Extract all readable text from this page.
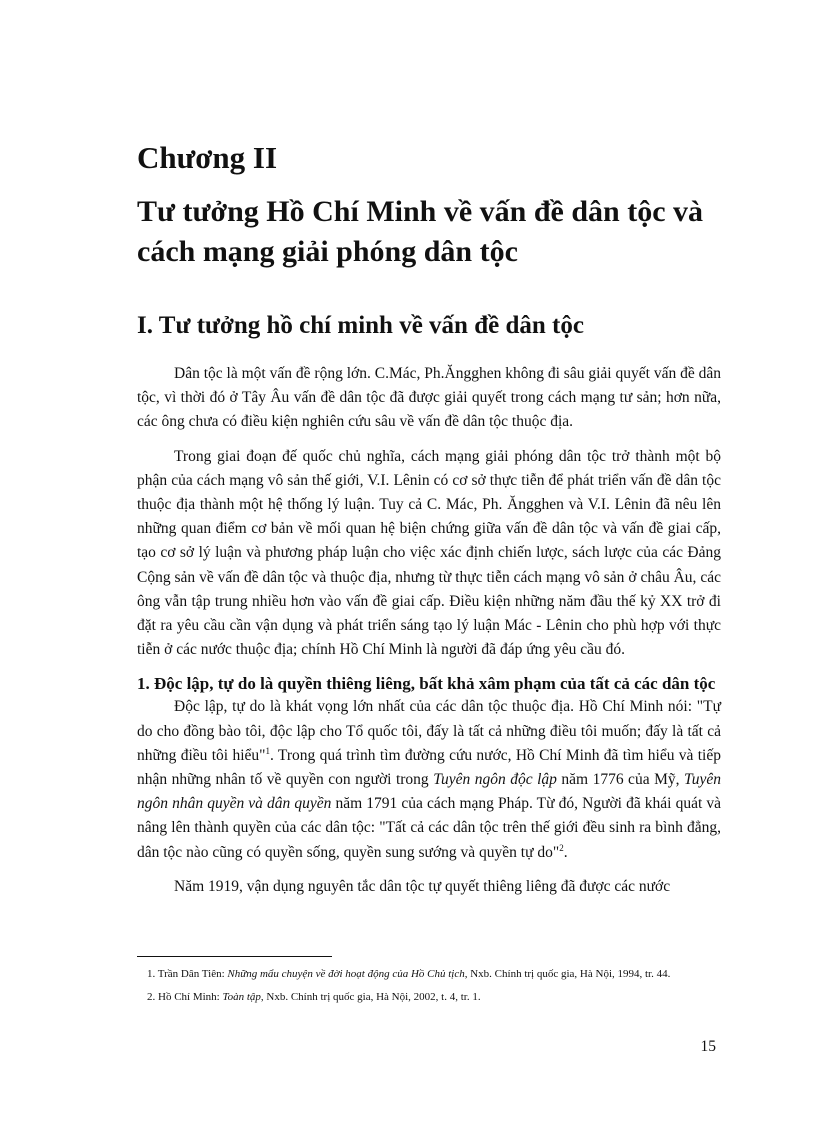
Chương II
Tư tưởng Hồ Chí Minh về vấn đề dân tộc và cách mạng giải phóng dân tộc
I. Tư tưởng hồ chí minh về vấn đề dân tộc

Dân tộc là một vấn đề rộng lớn. C.Mác, Ph.Ăngghen không đi sâu giải quyết vấn đề dân tộc, vì thời đó ở Tây Âu vấn đề dân tộc đã được giải quyết trong cách mạng tư sản; hơn nữa, các ông chưa có điều kiện nghiên cứu sâu về vấn đề dân tộc thuộc địa.

Trong giai đoạn đế quốc chủ nghĩa, cách mạng giải phóng dân tộc trở thành một bộ phận của cách mạng vô sản thế giới, V.I. Lênin có cơ sở thực tiễn để phát triển vấn đề dân tộc thuộc địa thành một hệ thống lý luận. Tuy cả C. Mác, Ph. Ăngghen và V.I. Lênin đã nêu lên những quan điểm cơ bản về mối quan hệ biện chứng giữa vấn đề dân tộc và vấn đề giai cấp, tạo cơ sở lý luận và phương pháp luận cho việc xác định chiến lược, sách lược của các Đảng Cộng sản về vấn đề dân tộc và thuộc địa, nhưng từ thực tiễn cách mạng vô sản ở châu Âu, các ông vẫn tập trung nhiều hơn vào vấn đề giai cấp. Điều kiện những năm đầu thế kỷ XX trở đi đặt ra yêu cầu cần vận dụng và phát triển sáng tạo lý luận Mác - Lênin cho phù hợp với thực tiễn ở các nước thuộc địa; chính Hồ Chí Minh là người đã đáp ứng yêu cầu đó.

1. Độc lập, tự do là quyền thiêng liêng, bất khả xâm phạm của tất cả các dân tộc

Độc lập, tự do là khát vọng lớn nhất của các dân tộc thuộc địa. Hồ Chí Minh nói: "Tự do cho đồng bào tôi, độc lập cho Tổ quốc tôi, đấy là tất cả những điều tôi muốn; đấy là tất cả những điều tôi hiểu"$^1$. Trong quá trình tìm đường cứu nước, Hồ Chí Minh đã tìm hiểu và tiếp nhận những nhân tố về quyền con người trong Tuyên ngôn độc lập năm 1776 của Mỹ, Tuyên ngôn nhân quyền và dân quyền năm 1791 của cách mạng Pháp. Từ đó, Người đã khái quát và nâng lên thành quyền của các dân tộc: "Tất cả các dân tộc trên thế giới đều sinh ra bình đẳng, dân tộc nào cũng có quyền sống, quyền sung sướng và quyền tự do"$^2$.

Năm 1919, vận dụng nguyên tắc dân tộc tự quyết thiêng liêng đã được các nước

1. Trần Dân Tiên: Những mẩu chuyện về đời hoạt động của Hồ Chủ tịch, Nxb. Chính trị quốc gia, Hà Nội, 1994, tr. 44.

2. Hồ Chí Minh: Toàn tập, Nxb. Chính trị quốc gia, Hà Nội, 2002, t. 4, tr. 1.

15
